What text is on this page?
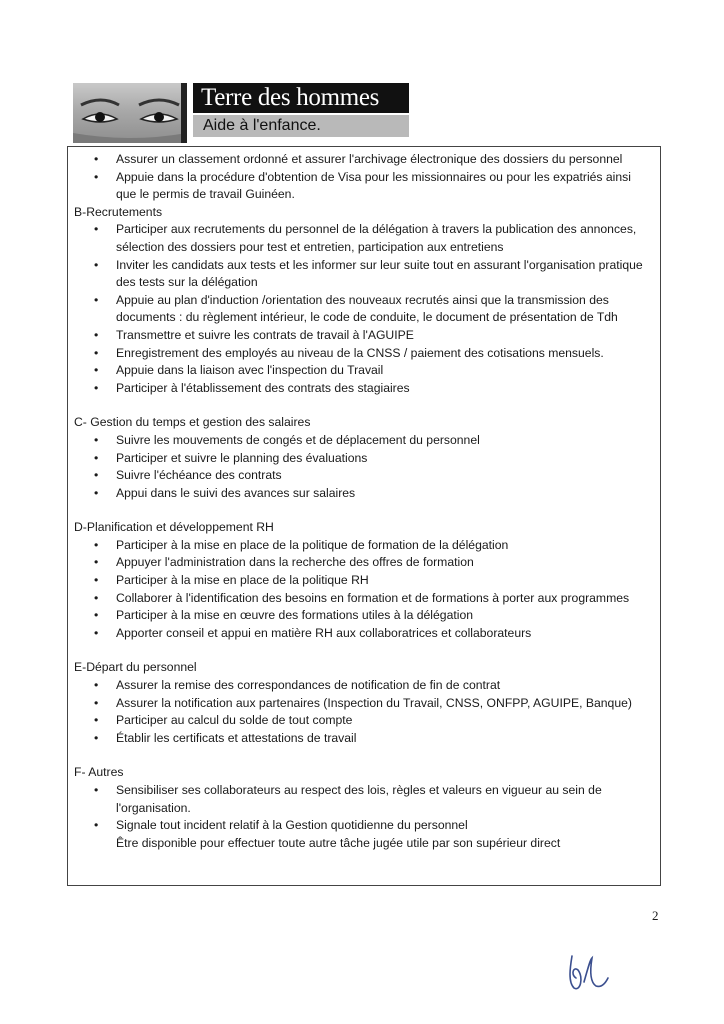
Terre des hommes
Aide à l'enfance.
• Assurer un classement ordonné et assurer l'archivage électronique des dossiers du personnel
• Appuie dans la procédure d'obtention de Visa pour les missionnaires ou pour les expatriés ainsi que le permis de travail Guinéen.

B-Recrutements

• Participer aux recrutements du personnel de la délégation à travers la publication des annonces, sélection des dossiers pour test et entretien, participation aux entretiens
• Inviter les candidats aux tests et les informer sur leur suite tout en assurant l'organisation pratique des tests sur la délégation
• Appuie au plan d'induction /orientation des nouveaux recrutés ainsi que la transmission des documents : du règlement intérieur, le code de conduite, le document de présentation de Tdh
• Transmettre et suivre les contrats de travail à l'AGUIPE
• Enregistrement des employés au niveau de la CNSS / paiement des cotisations mensuels.
• Appuie dans la liaison avec l'inspection du Travail
• Participer à l'établissement des contrats des stagiaires

C- Gestion du temps et gestion des salaires

• Suivre les mouvements de congés et de déplacement du personnel
• Participer et suivre le planning des évaluations
• Suivre l'échéance des contrats
• Appui dans le suivi des avances sur salaires

D-Planification et développement RH

• Participer à la mise en place de la politique de formation de la délégation
• Appuyer l'administration dans la recherche des offres de formation
• Participer à la mise en place de la politique RH
• Collaborer à l'identification des besoins en formation et de formations à porter aux programmes
• Participer à la mise en œuvre des formations utiles à la délégation
• Apporter conseil et appui en matière RH aux collaboratrices et collaborateurs

E-Départ du personnel

• Assurer la remise des correspondances de notification de fin de contrat
• Assurer la notification aux partenaires (Inspection du Travail, CNSS, ONFPP, AGUIPE, Banque)
• Participer au calcul du solde de tout compte
• Établir les certificats et attestations de travail

F- Autres

• Sensibiliser ses collaborateurs au respect des lois, règles et valeurs en vigueur au sein de l'organisation.
• Signale tout incident relatif à la Gestion quotidienne du personnel
Être disponible pour effectuer toute autre tâche jugée utile par son supérieur direct
2
